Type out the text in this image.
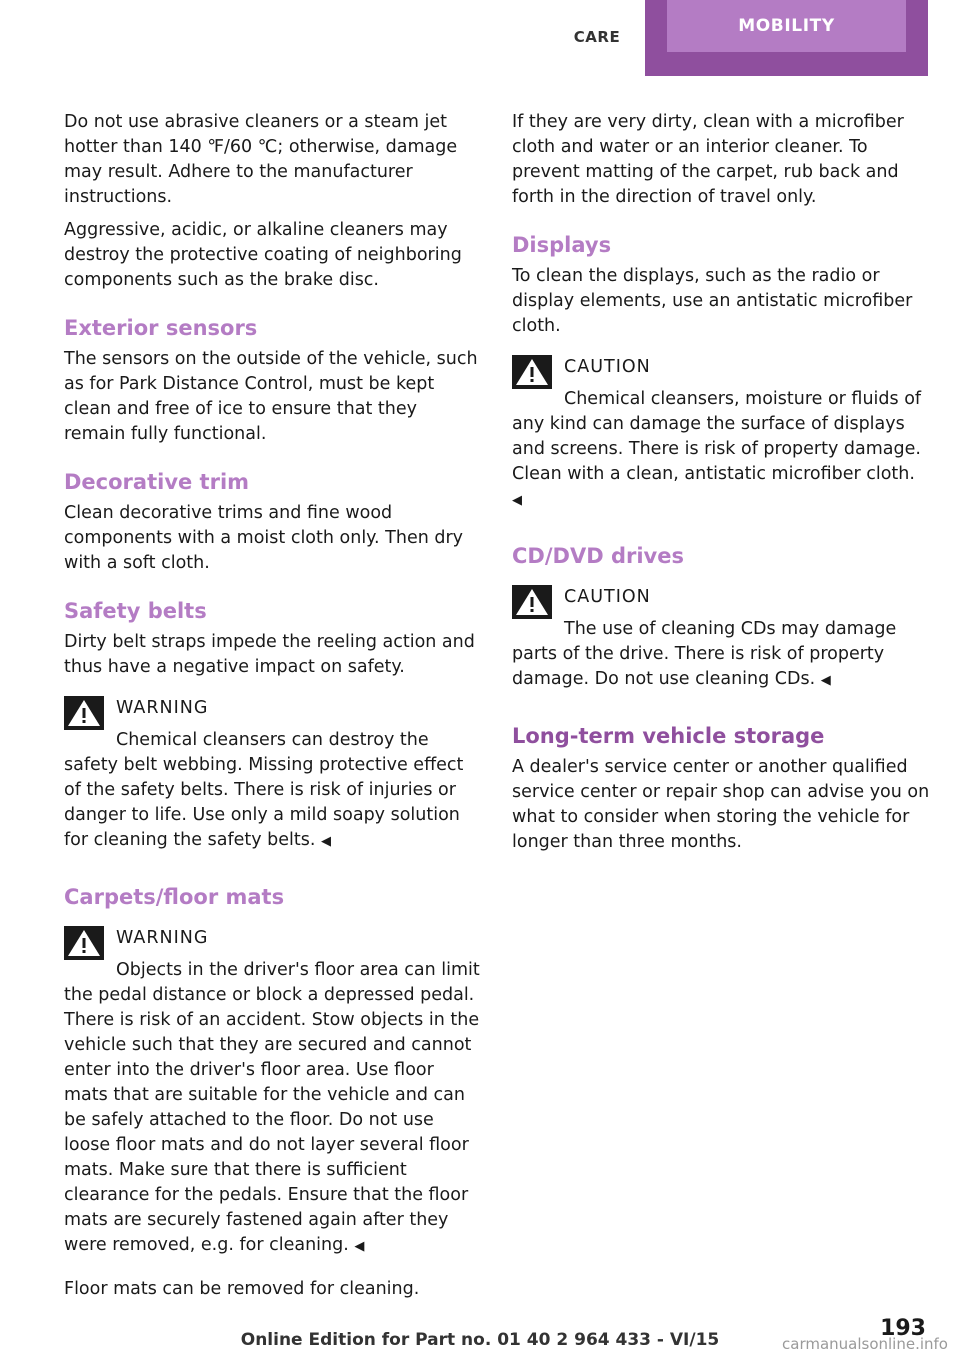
CARE
MOBILITY

Do not use abrasive cleaners or a steam jet hotter than 140 ℉/60 ℃; otherwise, damage may result. Adhere to the manufacturer instructions.

Aggressive, acidic, or alkaline cleaners may destroy the protective coating of neighboring components such as the brake disc.

Exterior sensors

The sensors on the outside of the vehicle, such as for Park Distance Control, must be kept clean and free of ice to ensure that they remain fully functional.

Decorative trim

Clean decorative trims and fine wood components with a moist cloth only. Then dry with a soft cloth.

Safety belts

Dirty belt straps impede the reeling action and thus have a negative impact on safety.

WARNING

Chemical cleansers can destroy the safety belt webbing. Missing protective effect of the safety belts. There is risk of injuries or danger to life. Use only a mild soapy solution for cleaning the safety belts. ◀

Carpets/floor mats
WARNING

Objects in the driver's floor area can limit the pedal distance or block a depressed pedal. There is risk of an accident. Stow objects in the vehicle such that they are secured and cannot enter into the driver's floor area. Use floor mats that are suitable for the vehicle and can be safely attached to the floor. Do not use loose floor mats and do not layer several floor mats. Make sure that there is sufficient clearance for the pedals. Ensure that the floor mats are securely fastened again after they were removed, e.g. for cleaning. ◀

Floor mats can be removed for cleaning.

If they are very dirty, clean with a microfiber cloth and water or an interior cleaner. To prevent matting of the carpet, rub back and forth in the direction of travel only.

Displays

To clean the displays, such as the radio or display elements, use an antistatic microfiber cloth.

CAUTION

Chemical cleansers, moisture or fluids of any kind can damage the surface of displays and screens. There is risk of property damage. Clean with a clean, antistatic microfiber cloth. ◀

CD/DVD drives
CAUTION

The use of cleaning CDs may damage parts of the drive. There is risk of property damage. Do not use cleaning CDs. ◀

Long-term vehicle storage

A dealer's service center or another qualified service center or repair shop can advise you on what to consider when storing the vehicle for longer than three months.

193
Online Edition for Part no. 01 40 2 964 433 - VI/15	carmanualsonline.info
